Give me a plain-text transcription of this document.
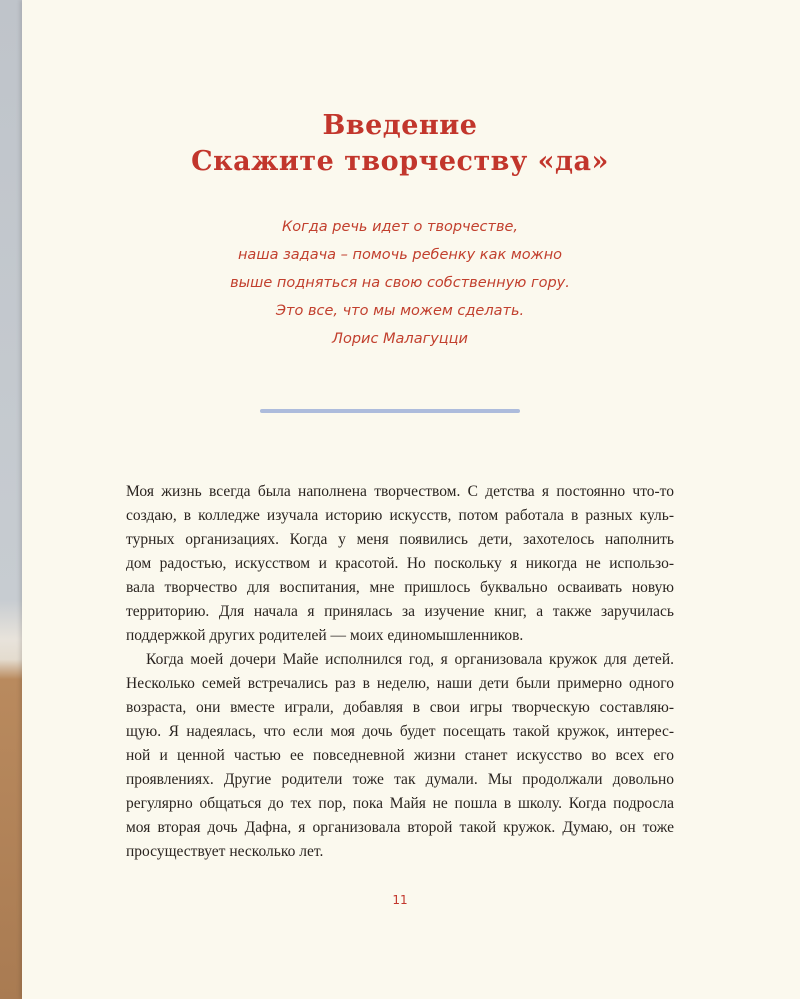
Введение
Скажите творчеству «да»
Когда речь идет о творчестве,
наша задача – помочь ребенку как можно
выше подняться на свою собственную гору.
Это все, что мы можем сделать.
Лорис Малагуцци
Моя жизнь всегда была наполнена творчеством. С детства я постоянно что-то
создаю, в колледже изучала историю искусств, потом работала в разных куль-
турных организациях. Когда у меня появились дети, захотелось наполнить
дом радостью, искусством и красотой. Но поскольку я никогда не использо-
вала творчество для воспитания, мне пришлось буквально осваивать новую
территорию. Для начала я принялась за изучение книг, а также заручилась
поддержкой других родителей — моих единомышленников.
Когда моей дочери Майе исполнился год, я организовала кружок для детей.
Несколько семей встречались раз в неделю, наши дети были примерно одного
возраста, они вместе играли, добавляя в свои игры творческую составляю-
щую. Я надеялась, что если моя дочь будет посещать такой кружок, интерес-
ной и ценной частью ее повседневной жизни станет искусство во всех его
проявлениях. Другие родители тоже так думали. Мы продолжали довольно
регулярно общаться до тех пор, пока Майя не пошла в школу. Когда подросла
моя вторая дочь Дафна, я организовала второй такой кружок. Думаю, он тоже
просуществует несколько лет.
11
